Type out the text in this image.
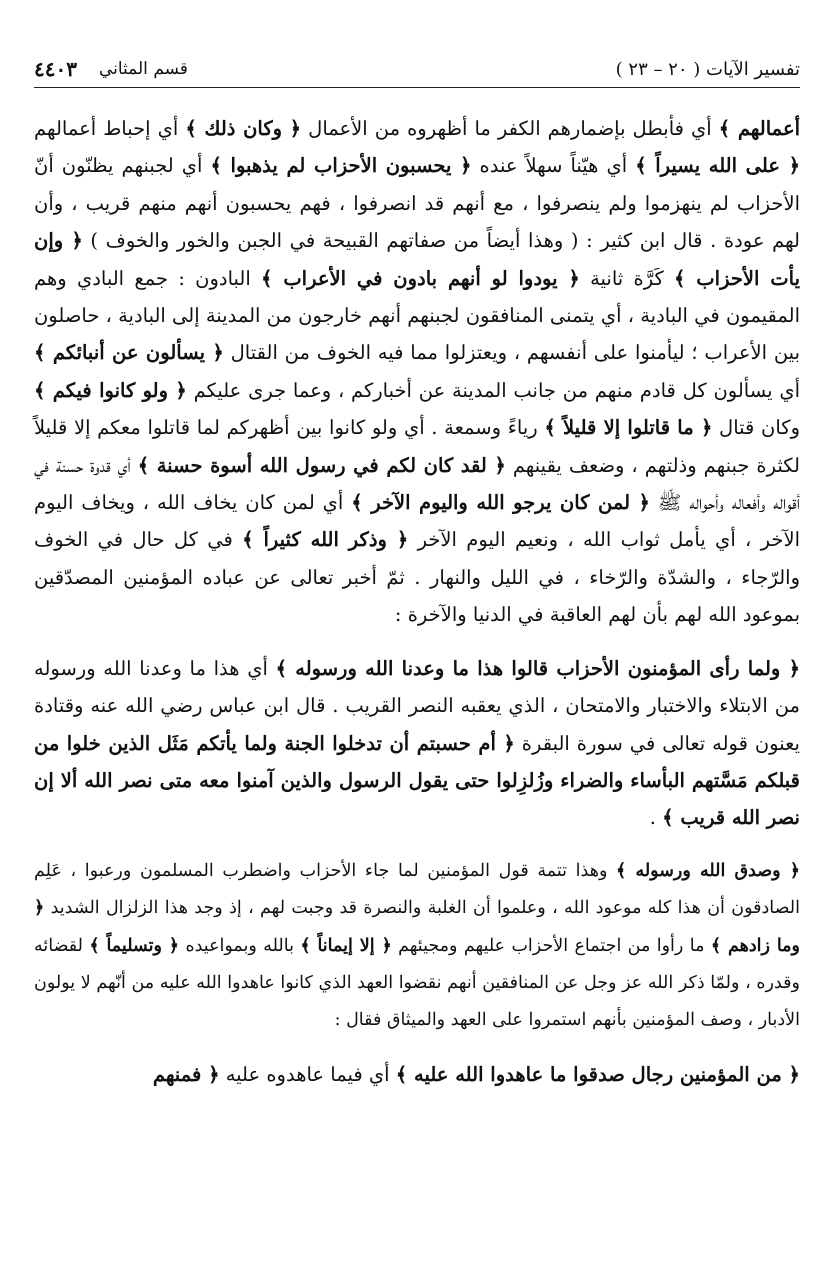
تفسير الآيات ( ٢٠ – ٢٣ )
قسم المثاني
٤٤٠٣

أعمالهم ﴾ أي فأبطل بإضمارهم الكفر ما أظهروه من الأعمال ﴿ وكان ذلك ﴾ أي إحباط أعمالهم ﴿ على الله يسيراً ﴾ أي هيّناً سهلاً عنده ﴿ يحسبون الأحزاب لم يذهبوا ﴾ أي لجبنهم يظنّون أنّ الأحزاب لم ينهزموا ولم ينصرفوا ، مع أنهم قد انصرفوا ، فهم يحسبون أنهم منهم قريب ، وأن لهم عودة . قال ابن كثير : ( وهذا أيضاً من صفاتهم القبيحة في الجبن والخور والخوف ) ﴿ وإن يأت الأحزاب ﴾ كَرَّة ثانية ﴿ يودوا لو أنهم بادون في الأعراب ﴾ البادون : جمع البادي وهم المقيمون في البادية ، أي يتمنى المنافقون لجبنهم أنهم خارجون من المدينة إلى البادية ، حاصلون بين الأعراب ؛ ليأمنوا على أنفسهم ، ويعتزلوا مما فيه الخوف من القتال ﴿ يسألون عن أنبائكم ﴾ أي يسألون كل قادم منهم من جانب المدينة عن أخباركم ، وعما جرى عليكم ﴿ ولو كانوا فيكم ﴾ وكان قتال ﴿ ما قاتلوا إلا قليلاً ﴾ رياءً وسمعة . أي ولو كانوا بين أظهركم لما قاتلوا معكم إلا قليلاً لكثرة جبنهم وذلتهم ، وضعف يقينهم ﴿ لقد كان لكم في رسول الله أسوة حسنة ﴾ أي قدوة حسنة في أقواله وأفعاله وأحواله ﷺ ﴿ لمن كان يرجو الله واليوم الآخر ﴾ أي لمن كان يخاف الله ، ويخاف اليوم الآخر ، أي يأمل ثواب الله ، ونعيم اليوم الآخر ﴿ وذكر الله كثيراً ﴾ في كل حال في الخوف والرّجاء ، والشدّة والرّخاء ، في الليل والنهار . ثمّ أخبر تعالى عن عباده المؤمنين المصدّقين بموعود الله لهم بأن لهم العاقبة في الدنيا والآخرة :

﴿ ولما رأى المؤمنون الأحزاب قالوا هذا ما وعدنا الله ورسوله ﴾ أي هذا ما وعدنا الله ورسوله من الابتلاء والاختبار والامتحان ، الذي يعقبه النصر القريب . قال ابن عباس رضي الله عنه وقتادة يعنون قوله تعالى في سورة البقرة ﴿ أم حسبتم أن تدخلوا الجنة ولما يأتكم مَثَل الذين خلوا من قبلكم مَسَّتهم البأساء والضراء وزُلزِلوا حتى يقول الرسول والذين آمنوا معه متى نصر الله ألا إن نصر الله قريب ﴾ .

﴿ وصدق الله ورسوله ﴾ وهذا تتمة قول المؤمنين لما جاء الأحزاب واضطرب المسلمون ورعبوا ، عَلِم الصادقون أن هذا كله موعود الله ، وعلموا أن الغلبة والنصرة قد وجبت لهم ، إذ وجد هذا الزلزال الشديد ﴿ وما زادهم ﴾ ما رأوا من اجتماع الأحزاب عليهم ومجيئهم ﴿ إلا إيماناً ﴾ بالله وبمواعيده ﴿ وتسليماً ﴾ لقضائه وقدره ، ولمّا ذكر الله عز وجل عن المنافقين أنهم نقضوا العهد الذي كانوا عاهدوا الله عليه من أنّهم لا يولون الأدبار ، وصف المؤمنين بأنهم استمروا على العهد والميثاق فقال :

﴿ من المؤمنين رجال صدقوا ما عاهدوا الله عليه ﴾ أي فيما عاهدوه عليه ﴿ فمنهم
